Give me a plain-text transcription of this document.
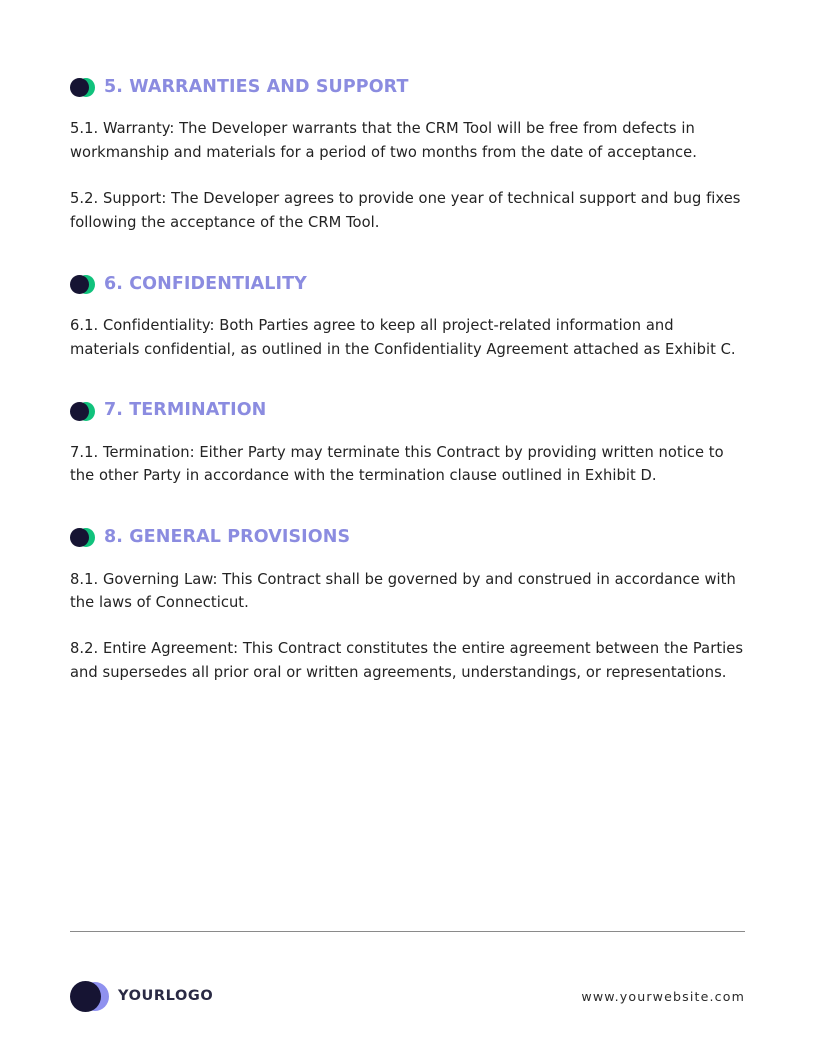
5. WARRANTIES AND SUPPORT

5.1. Warranty: The Developer warrants that the CRM Tool will be free from defects in workmanship and materials for a period of two months from the date of acceptance.

5.2. Support: The Developer agrees to provide one year of technical support and bug fixes following the acceptance of the CRM Tool.

6. CONFIDENTIALITY

6.1. Confidentiality: Both Parties agree to keep all project-related information and materials confidential, as outlined in the Confidentiality Agreement attached as Exhibit C.

7. TERMINATION

7.1. Termination: Either Party may terminate this Contract by providing written notice to the other Party in accordance with the termination clause outlined in Exhibit D.

8. GENERAL PROVISIONS

8.1. Governing Law: This Contract shall be governed by and construed in accordance with the laws of Connecticut.

8.2. Entire Agreement: This Contract constitutes the entire agreement between the Parties and supersedes all prior oral or written agreements, understandings, or representations.

YOURLOGO	www.yourwebsite.com
